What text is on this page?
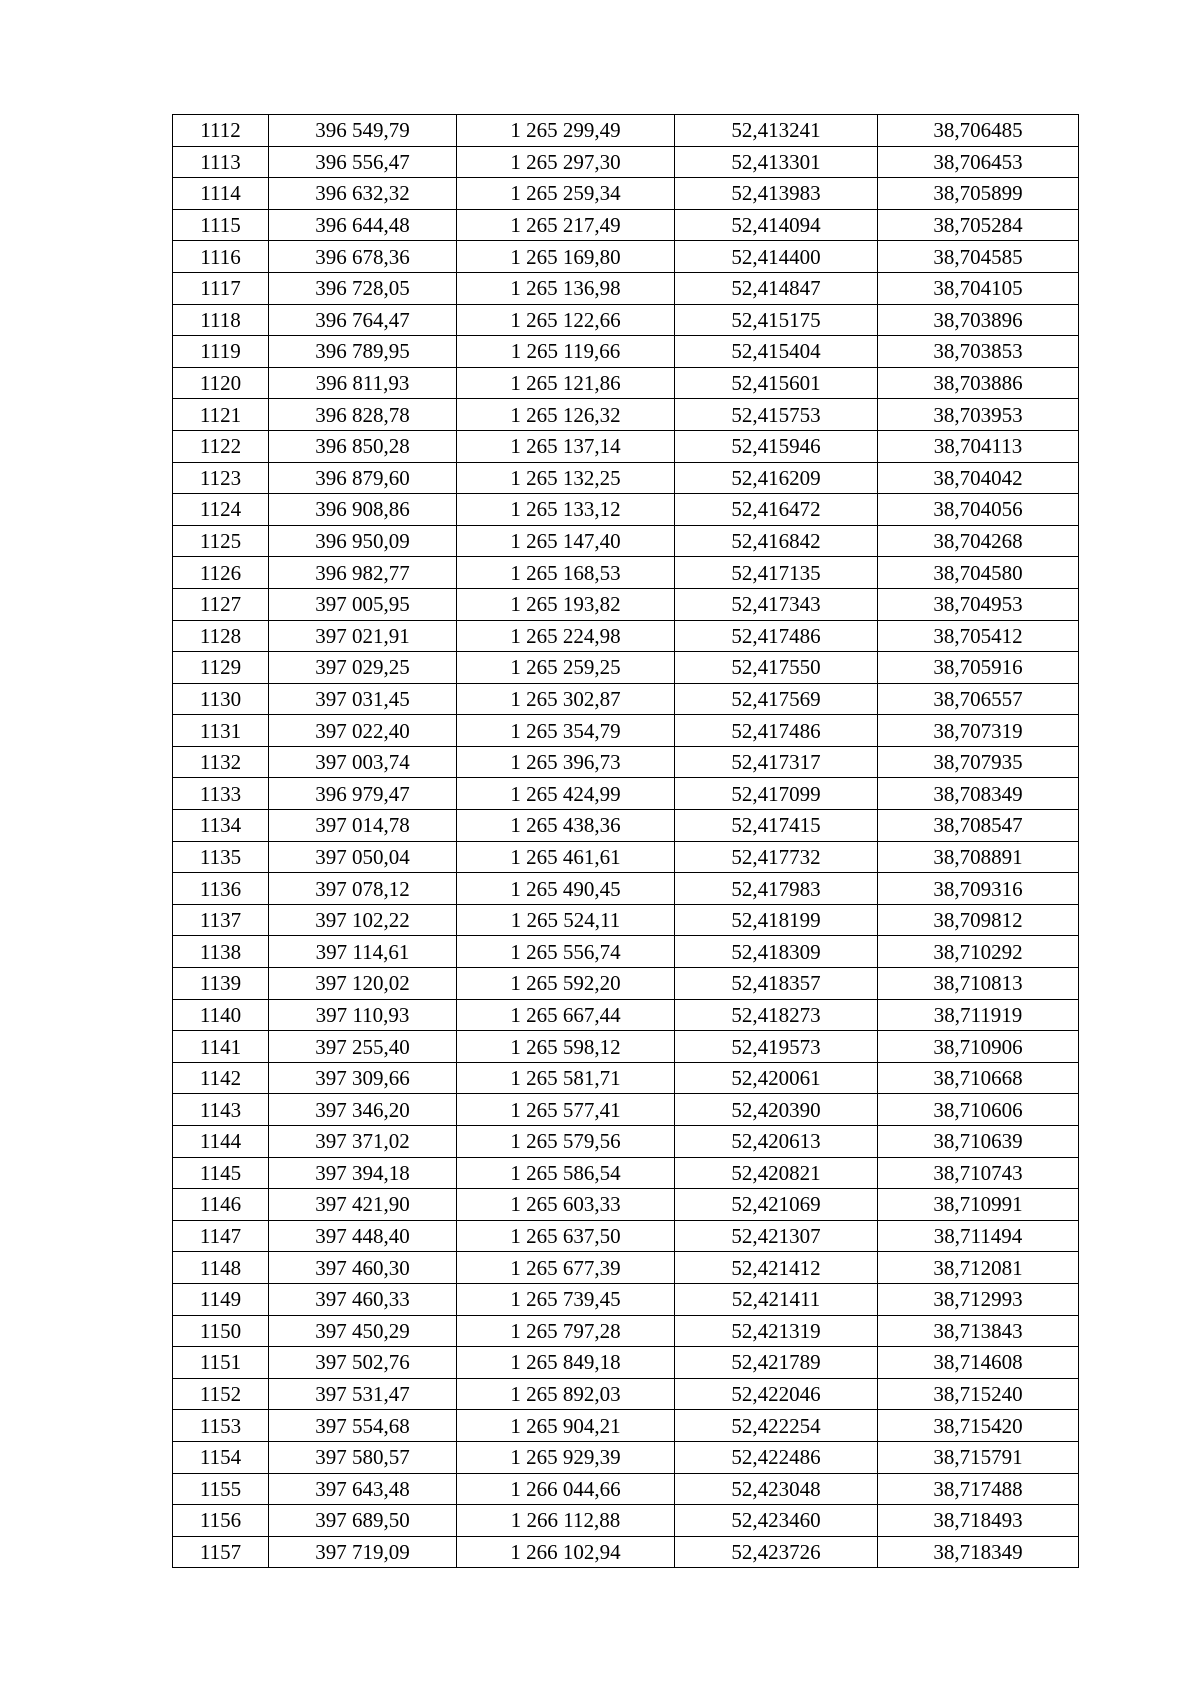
1112	396 549,79	1 265 299,49	52,413241	38,706485
1113	396 556,47	1 265 297,30	52,413301	38,706453
1114	396 632,32	1 265 259,34	52,413983	38,705899
1115	396 644,48	1 265 217,49	52,414094	38,705284
1116	396 678,36	1 265 169,80	52,414400	38,704585
1117	396 728,05	1 265 136,98	52,414847	38,704105
1118	396 764,47	1 265 122,66	52,415175	38,703896
1119	396 789,95	1 265 119,66	52,415404	38,703853
1120	396 811,93	1 265 121,86	52,415601	38,703886
1121	396 828,78	1 265 126,32	52,415753	38,703953
1122	396 850,28	1 265 137,14	52,415946	38,704113
1123	396 879,60	1 265 132,25	52,416209	38,704042
1124	396 908,86	1 265 133,12	52,416472	38,704056
1125	396 950,09	1 265 147,40	52,416842	38,704268
1126	396 982,77	1 265 168,53	52,417135	38,704580
1127	397 005,95	1 265 193,82	52,417343	38,704953
1128	397 021,91	1 265 224,98	52,417486	38,705412
1129	397 029,25	1 265 259,25	52,417550	38,705916
1130	397 031,45	1 265 302,87	52,417569	38,706557
1131	397 022,40	1 265 354,79	52,417486	38,707319
1132	397 003,74	1 265 396,73	52,417317	38,707935
1133	396 979,47	1 265 424,99	52,417099	38,708349
1134	397 014,78	1 265 438,36	52,417415	38,708547
1135	397 050,04	1 265 461,61	52,417732	38,708891
1136	397 078,12	1 265 490,45	52,417983	38,709316
1137	397 102,22	1 265 524,11	52,418199	38,709812
1138	397 114,61	1 265 556,74	52,418309	38,710292
1139	397 120,02	1 265 592,20	52,418357	38,710813
1140	397 110,93	1 265 667,44	52,418273	38,711919
1141	397 255,40	1 265 598,12	52,419573	38,710906
1142	397 309,66	1 265 581,71	52,420061	38,710668
1143	397 346,20	1 265 577,41	52,420390	38,710606
1144	397 371,02	1 265 579,56	52,420613	38,710639
1145	397 394,18	1 265 586,54	52,420821	38,710743
1146	397 421,90	1 265 603,33	52,421069	38,710991
1147	397 448,40	1 265 637,50	52,421307	38,711494
1148	397 460,30	1 265 677,39	52,421412	38,712081
1149	397 460,33	1 265 739,45	52,421411	38,712993
1150	397 450,29	1 265 797,28	52,421319	38,713843
1151	397 502,76	1 265 849,18	52,421789	38,714608
1152	397 531,47	1 265 892,03	52,422046	38,715240
1153	397 554,68	1 265 904,21	52,422254	38,715420
1154	397 580,57	1 265 929,39	52,422486	38,715791
1155	397 643,48	1 266 044,66	52,423048	38,717488
1156	397 689,50	1 266 112,88	52,423460	38,718493
1157	397 719,09	1 266 102,94	52,423726	38,718349
